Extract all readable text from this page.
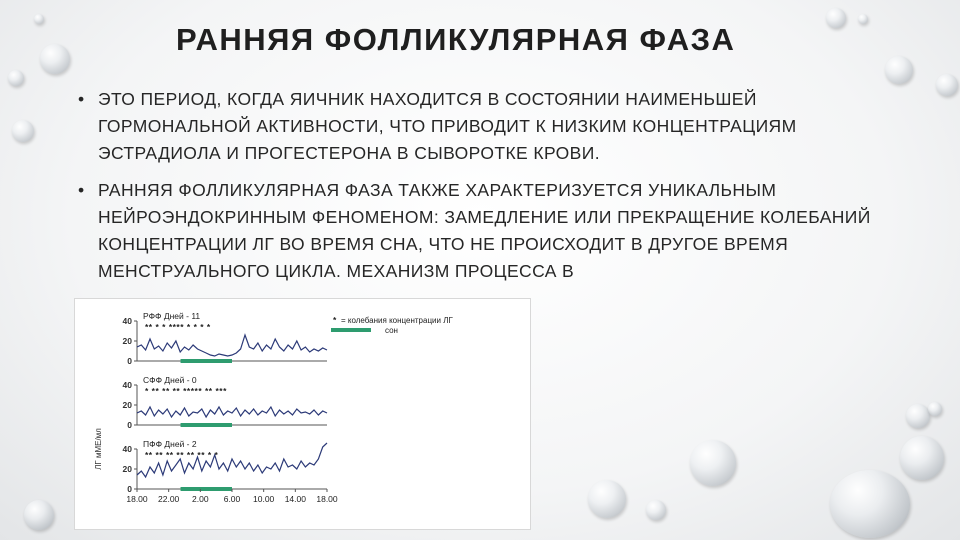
РАННЯЯ ФОЛЛИКУЛЯРНАЯ ФАЗА
• ЭТО ПЕРИОД, КОГДА ЯИЧНИК НАХОДИТСЯ В СОСТОЯНИИ НАИМЕНЬШЕЙ ГОРМОНАЛЬНОЙ АКТИВНОСТИ, ЧТО ПРИВОДИТ К НИЗКИМ КОНЦЕНТРАЦИЯМ ЭСТРАДИОЛА И ПРОГЕСТЕРОНА В СЫВОРОТКЕ КРОВИ.
• РАННЯЯ ФОЛЛИКУЛЯРНАЯ ФАЗА ТАКЖЕ ХАРАКТЕРИЗУЕТСЯ УНИКАЛЬНЫМ НЕЙРОЭНДОКРИННЫМ ФЕНОМЕНОМ: ЗАМЕДЛЕНИЕ ИЛИ ПРЕКРАЩЕНИЕ КОЛЕБАНИЙ КОНЦЕНТРАЦИИ ЛГ ВО ВРЕМЯ СНА, ЧТО НЕ ПРОИСХОДИТ В ДРУГОЕ ВРЕМЯ МЕНСТРУАЛЬНОГО ЦИКЛА. МЕХАНИЗМ ПРОЦЕССА В
ЛГ мМЕ/мл
40
20
0
РФФ Дней - 11
** * * **** * * * *
40
20
0
СФФ Дней - 0
* ** ** ** ***** ** ***
40
20
0
ПФФ Дней - 2
** ** ** ** ** ** * *
18.00 22.00 2.00 6.00 10.00 14.00 18.00
* = колебания концентрации ЛГ
сон
